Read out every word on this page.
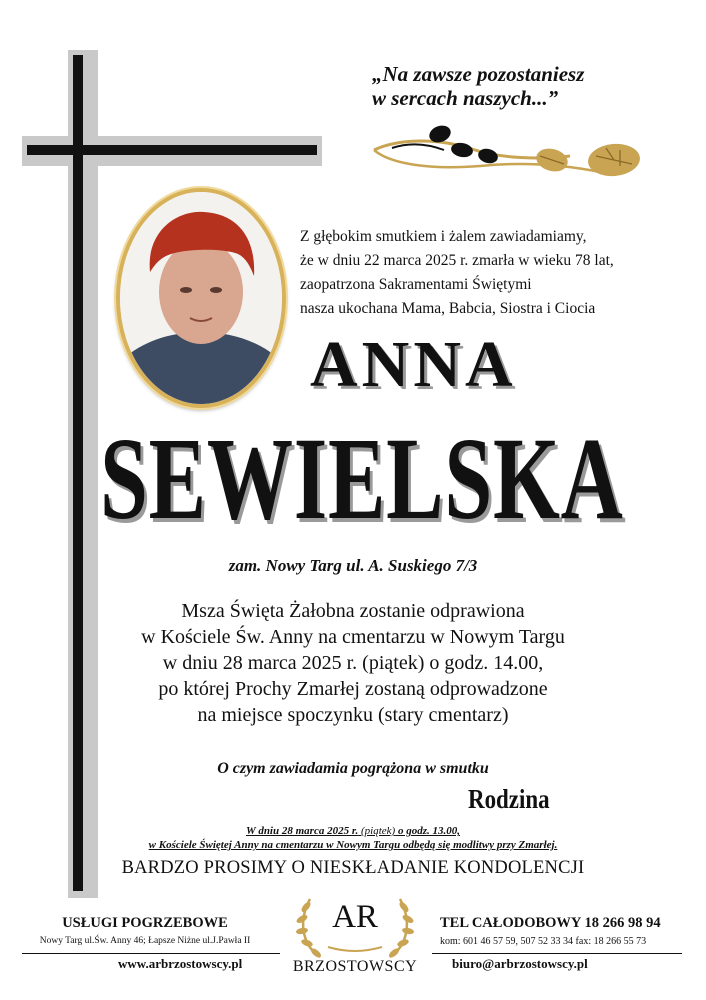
„Na zawsze pozostaniesz
w sercach naszych...”
Z głębokim smutkiem i żalem zawiadamiamy,
że w dniu 22 marca 2025 r. zmarła w wieku 78 lat,
zaopatrzona Sakramentami Świętymi
nasza ukochana Mama, Babcia, Siostra i Ciocia
ANNA
SEWIELSKA
zam. Nowy Targ ul. A. Suskiego 7/3
Msza Święta Żałobna zostanie odprawiona
w Kościele Św. Anny na cmentarzu w Nowym Targu
w dniu 28 marca 2025 r. (piątek) o godz. 14.00,
po której Prochy Zmarłej zostaną odprowadzone
na miejsce spoczynku (stary cmentarz)
O czym zawiadamia pogrążona w smutku
Rodzina
W dniu 28 marca 2025 r. (piątek) o godz. 13.00,
w Kościele Świętej Anny na cmentarzu w Nowym Targu odbędą się modlitwy przy Zmarłej.
BARDZO PROSIMY O NIESKŁADANIE KONDOLENCJI
USŁUGI POGRZEBOWE
Nowy Targ ul.Św. Anny 46; Łapsze Niżne ul.J.Pawła II
www.arbrzostowscy.pl
AR
BRZOSTOWSCY
TEL CAŁODOBOWY 18 266 98 94
kom: 601 46 57 59, 507 52 33 34 fax: 18 266 55 73
biuro@arbrzostowscy.pl
